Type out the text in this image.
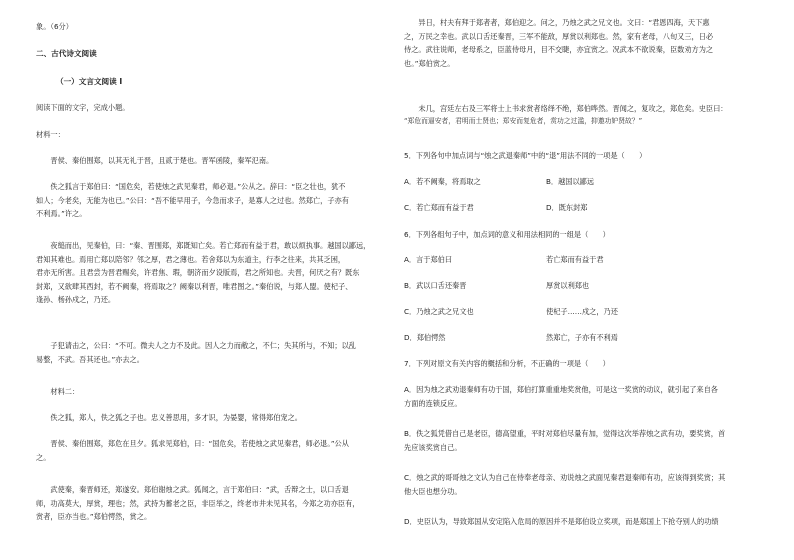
象。（6分）

二、古代诗文阅读

（一）文言文阅读 I

阅读下面的文字，完成小题。

材料一：

晋侯、秦伯围郑，以其无礼于晋，且贰于楚也。晋军函陵，秦军氾南。

佚之狐言于郑伯曰：“国危矣，若使烛之武见秦君，师必退。”公从之。辞曰：“臣之壮也，犹不

如人；今老矣，无能为也已。”公曰：“吾不能早用子，今急而求子，是寡人之过也。然郑亡，子亦有

不利焉。”许之。

夜缒而出，见秦伯，曰：“秦、晋围郑，郑既知亡矣。若亡郑而有益于君，敢以烦执事。越国以鄙远，

君知其难也。焉用亡郑以陪邻？邻之厚，君之薄也。若舍郑以为东道主，行李之往来，共其乏困，

君亦无所害。且君尝为晋君赐矣，许君焦、瑕，朝济而夕设版焉，君之所知也。夫晋，何厌之有？既东

封郑，又欲肆其西封，若不阙秦，将焉取之？阙秦以利晋，唯君图之。”秦伯说，与郑人盟。使杞子、

逢孙、杨孙戍之，乃还。

子犯请击之，公曰：“不可。微夫人之力不及此。因人之力而敝之，不仁；失其所与，不知；以乱

易整，不武。吾其还也。”亦去之。

材料二：

佚之狐，郑人，佚之狐之子也。忠义善思用，多才识，为晏婴，常得郑伯宠之。

晋侯、秦伯围郑，郑危在旦夕。狐求见郑伯，曰：“国危矣，若使烛之武见秦君，师必退。”公从

之。

武使秦，秦晋师还，郑遂安。郑伯谢烛之武。狐闻之，言于郑伯曰：“武，舌辩之士，以口舌退

师，功高莫大，厚赏，理也；然，武持为蓄老之臣，非臣举之，终老市井未见其名，今郑之功亦臣有，

赏者，臣亦当也。”郑伯愕然，赏之。

异日，村夫有拜于郑者者，郑伯迎之。问之，乃烛之武之兄文也。文曰：“君恩四海，天下惠

之，万民之幸也。武以口舌还秦晋，三军不能敌，厚赏以利郑也。然，家有老母，八旬又三，日必

侍之。武往说师，老母系之，臣蓝侍母月，目不交睫，亦宜赏之。况武本不欲说秦，臣数劝方为之

也。”郑伯赏之。

未几，宫廷左右及三军将士上书求赏者络绎不绝，郑伯哗然。晋闻之，复攻之，郑危矣。史臣曰：

“郑危而逼安者，君明而士贤也；郑安而复危者，赏功之过滥，抑邀功妒贤故？”

5．下列各句中加点词与“烛之武退秦师”中的“退”用法不同的一项是（　　）

A．若不阙秦，将焉取之	B．越国以鄙远
C．若亡郑而有益于君	D．既东封郑

6．下列各组句子中，加点词的意义和用法相同的一组是（　　）

A．言于郑伯曰	若亡郑而有益于君
B．武以口舌还秦晋	厚赏以利郑也
C．乃烛之武之兄文也	使杞子……戍之，乃还
D．郑伯愕然	然郑亡，子亦有不利焉

7．下列对原文有关内容的概括和分析，不正确的一项是（　　）

A．因为烛之武劝退秦师有功于国，郑伯打算重重地奖赏他，可是这一奖赏的动议，就引起了来自各

方面的连锁反应。

B．佚之狐凭借自己是老臣，德高望重，平时对郑伯尽量有加，觉得这次举荐烛之武有功，要奖赏，首

先应该奖赏自己。

C．烛之武的哥哥烛之文认为自己在侍奉老母亲、劝说烛之武面见秦君退秦师有功，应该得到奖赏；其

他大臣也想分功。

D．史臣认为，导致郑国从安定陷入危局的原因并不是郑伯设立奖项，而是郑国上下抢夺别人的功绩
